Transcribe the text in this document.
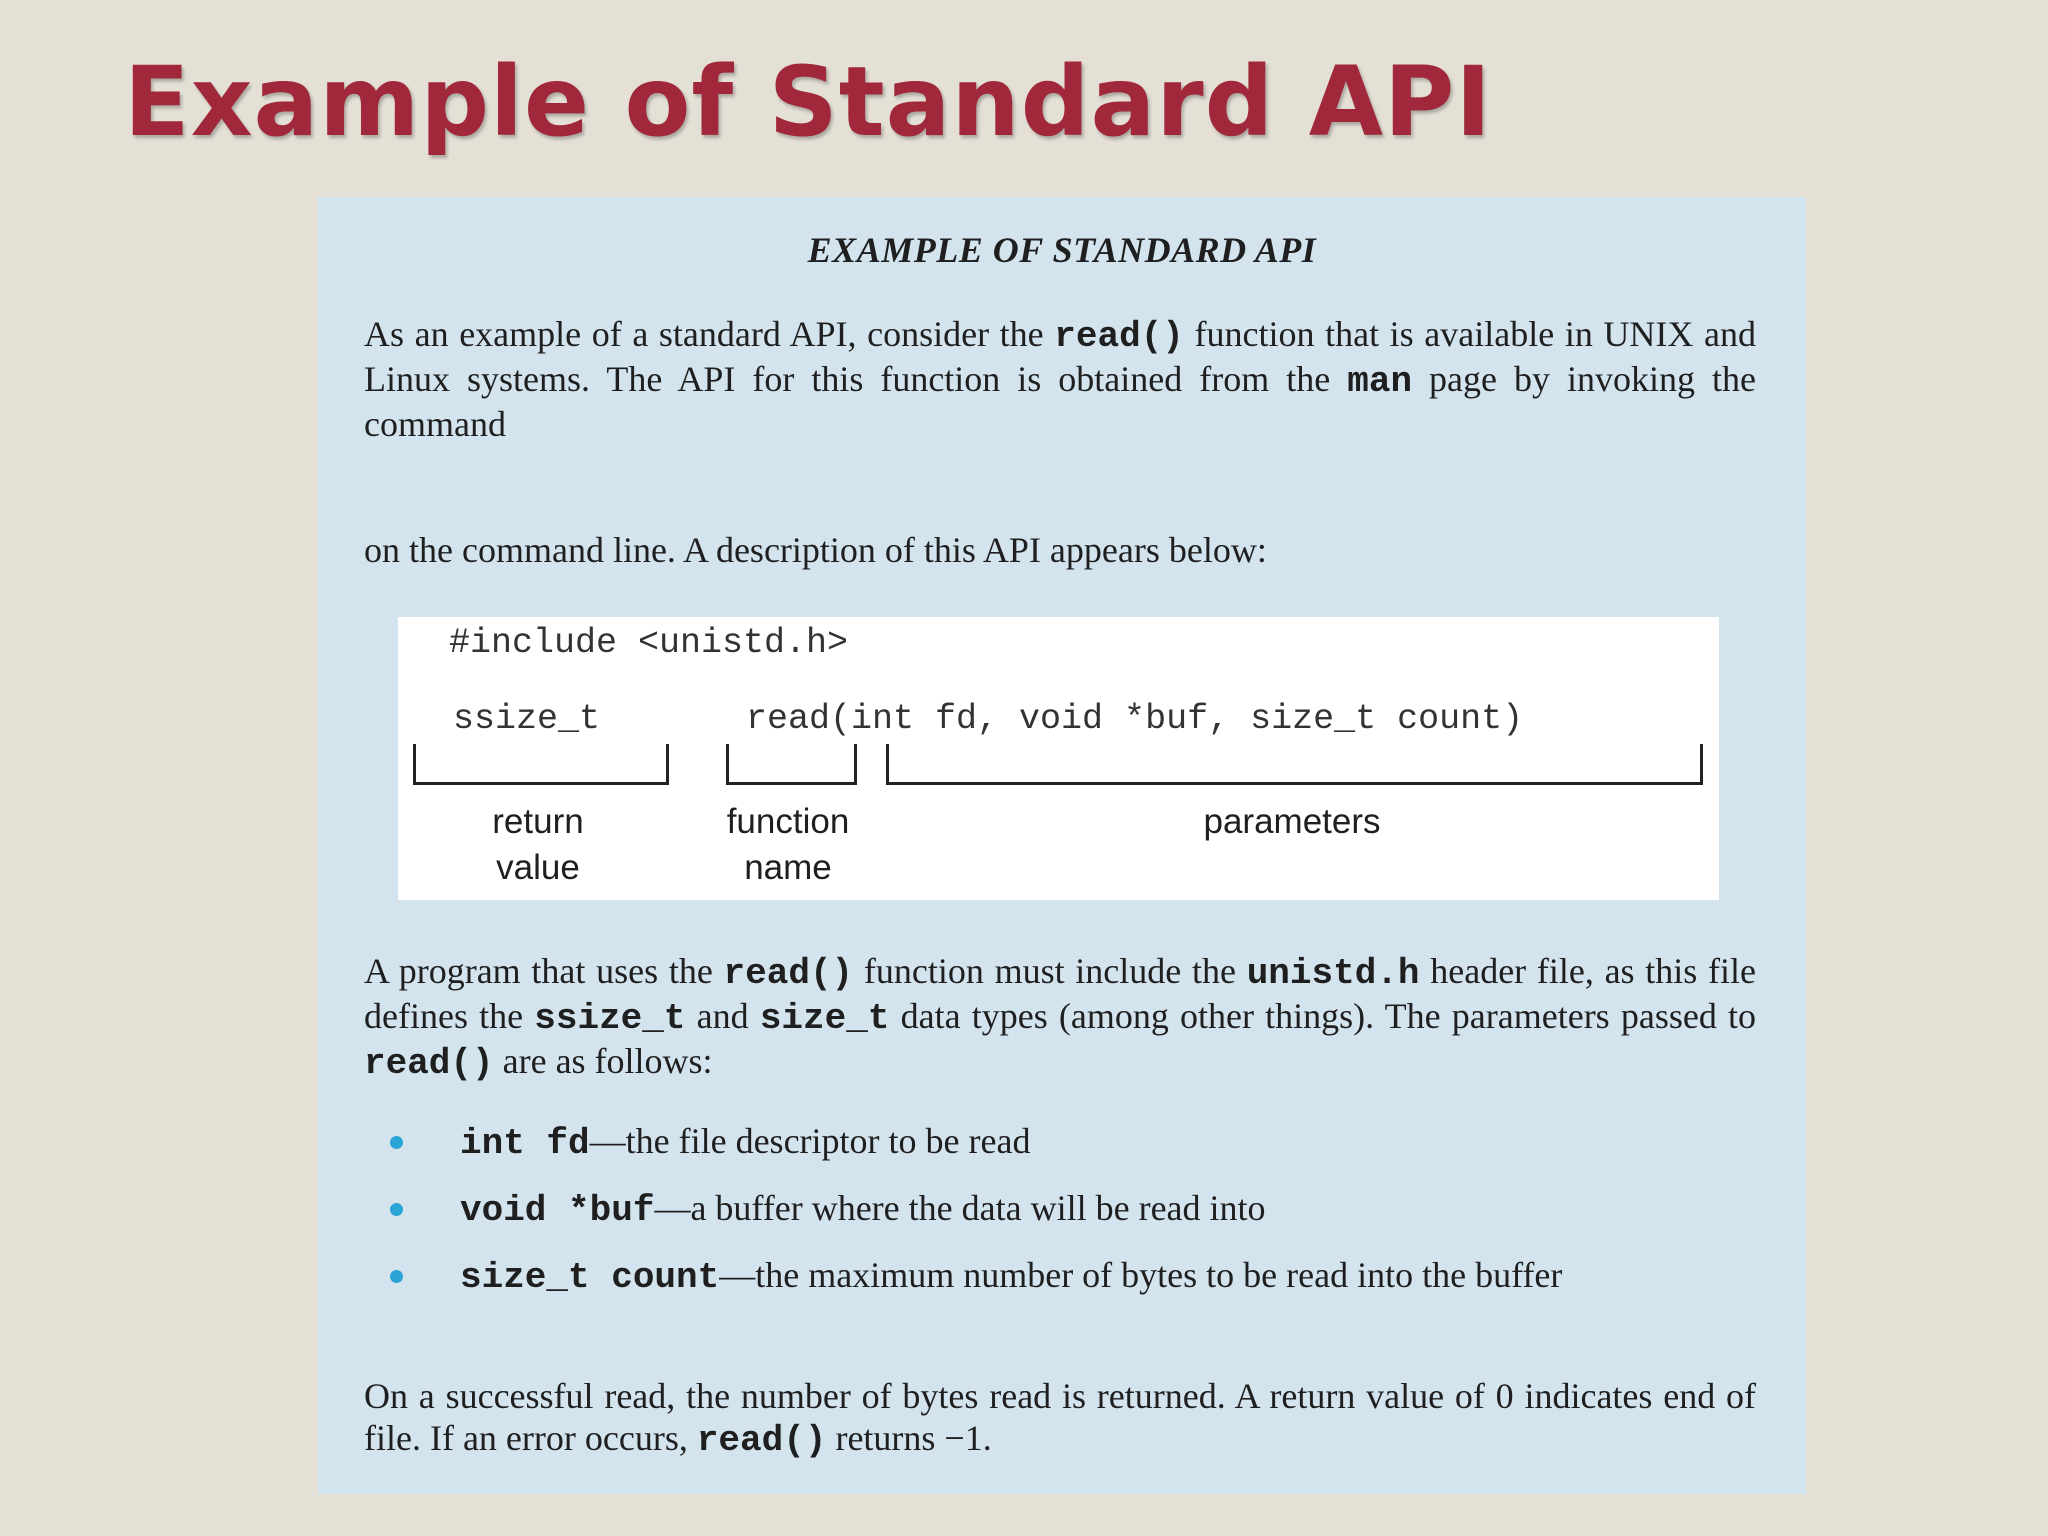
Example of Standard API
EXAMPLE OF STANDARD API
As an example of a standard API, consider the read() function that is available in UNIX and Linux systems. The API for this function is obtained from the man page by invoking the command
on the command line. A description of this API appears below:
#include <unistd.h>
ssize_t	read(int fd, void *buf, size_t count)
return
value
function
name
parameters
A program that uses the read() function must include the unistd.h header file, as this file defines the ssize_t and size_t data types (among other things). The parameters passed to read() are as follows:
int fd—the file descriptor to be read
void *buf—a buffer where the data will be read into
size_t count—the maximum number of bytes to be read into the buffer
On a successful read, the number of bytes read is returned. A return value of 0 indicates end of file. If an error occurs, read() returns −1.
